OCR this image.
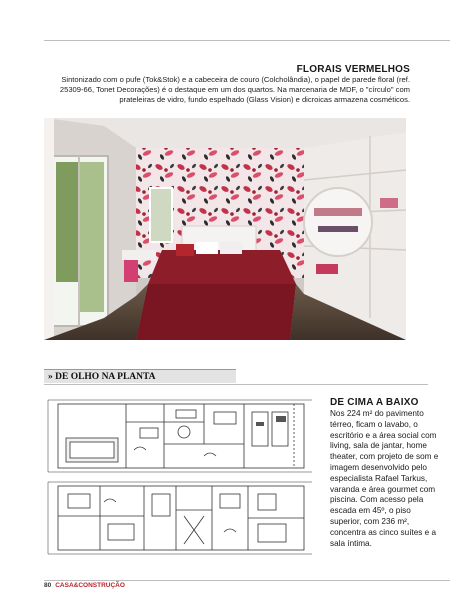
FLORAIS VERMELHOS
Sintonizado com o pufe (Tok&Stok) e a cabeceira de couro (Colcholândia), o papel de parede floral (ref. 25309-66, Tonet Decorações) é o destaque em um dos quartos. Na marcenaria de MDF, o "círculo" com prateleiras de vidro, fundo espelhado (Glass Vision) e dicroicas armazena cosméticos.
» DE OLHO NA PLANTA
DE CIMA A BAIXO
Nos 224 m² do pavimento térreo, ficam o lavabo, o escritório e a área social com living, sala de jantar, home theater, com projeto de som e imagem desenvolvido pelo especialista Rafael Tarkus, varanda e área gourmet com piscina. Com acesso pela escada em 45º, o piso superior, com 236 m², concentra as cinco suítes e a sala íntima.
80 CASA&CONSTRUÇÃO
